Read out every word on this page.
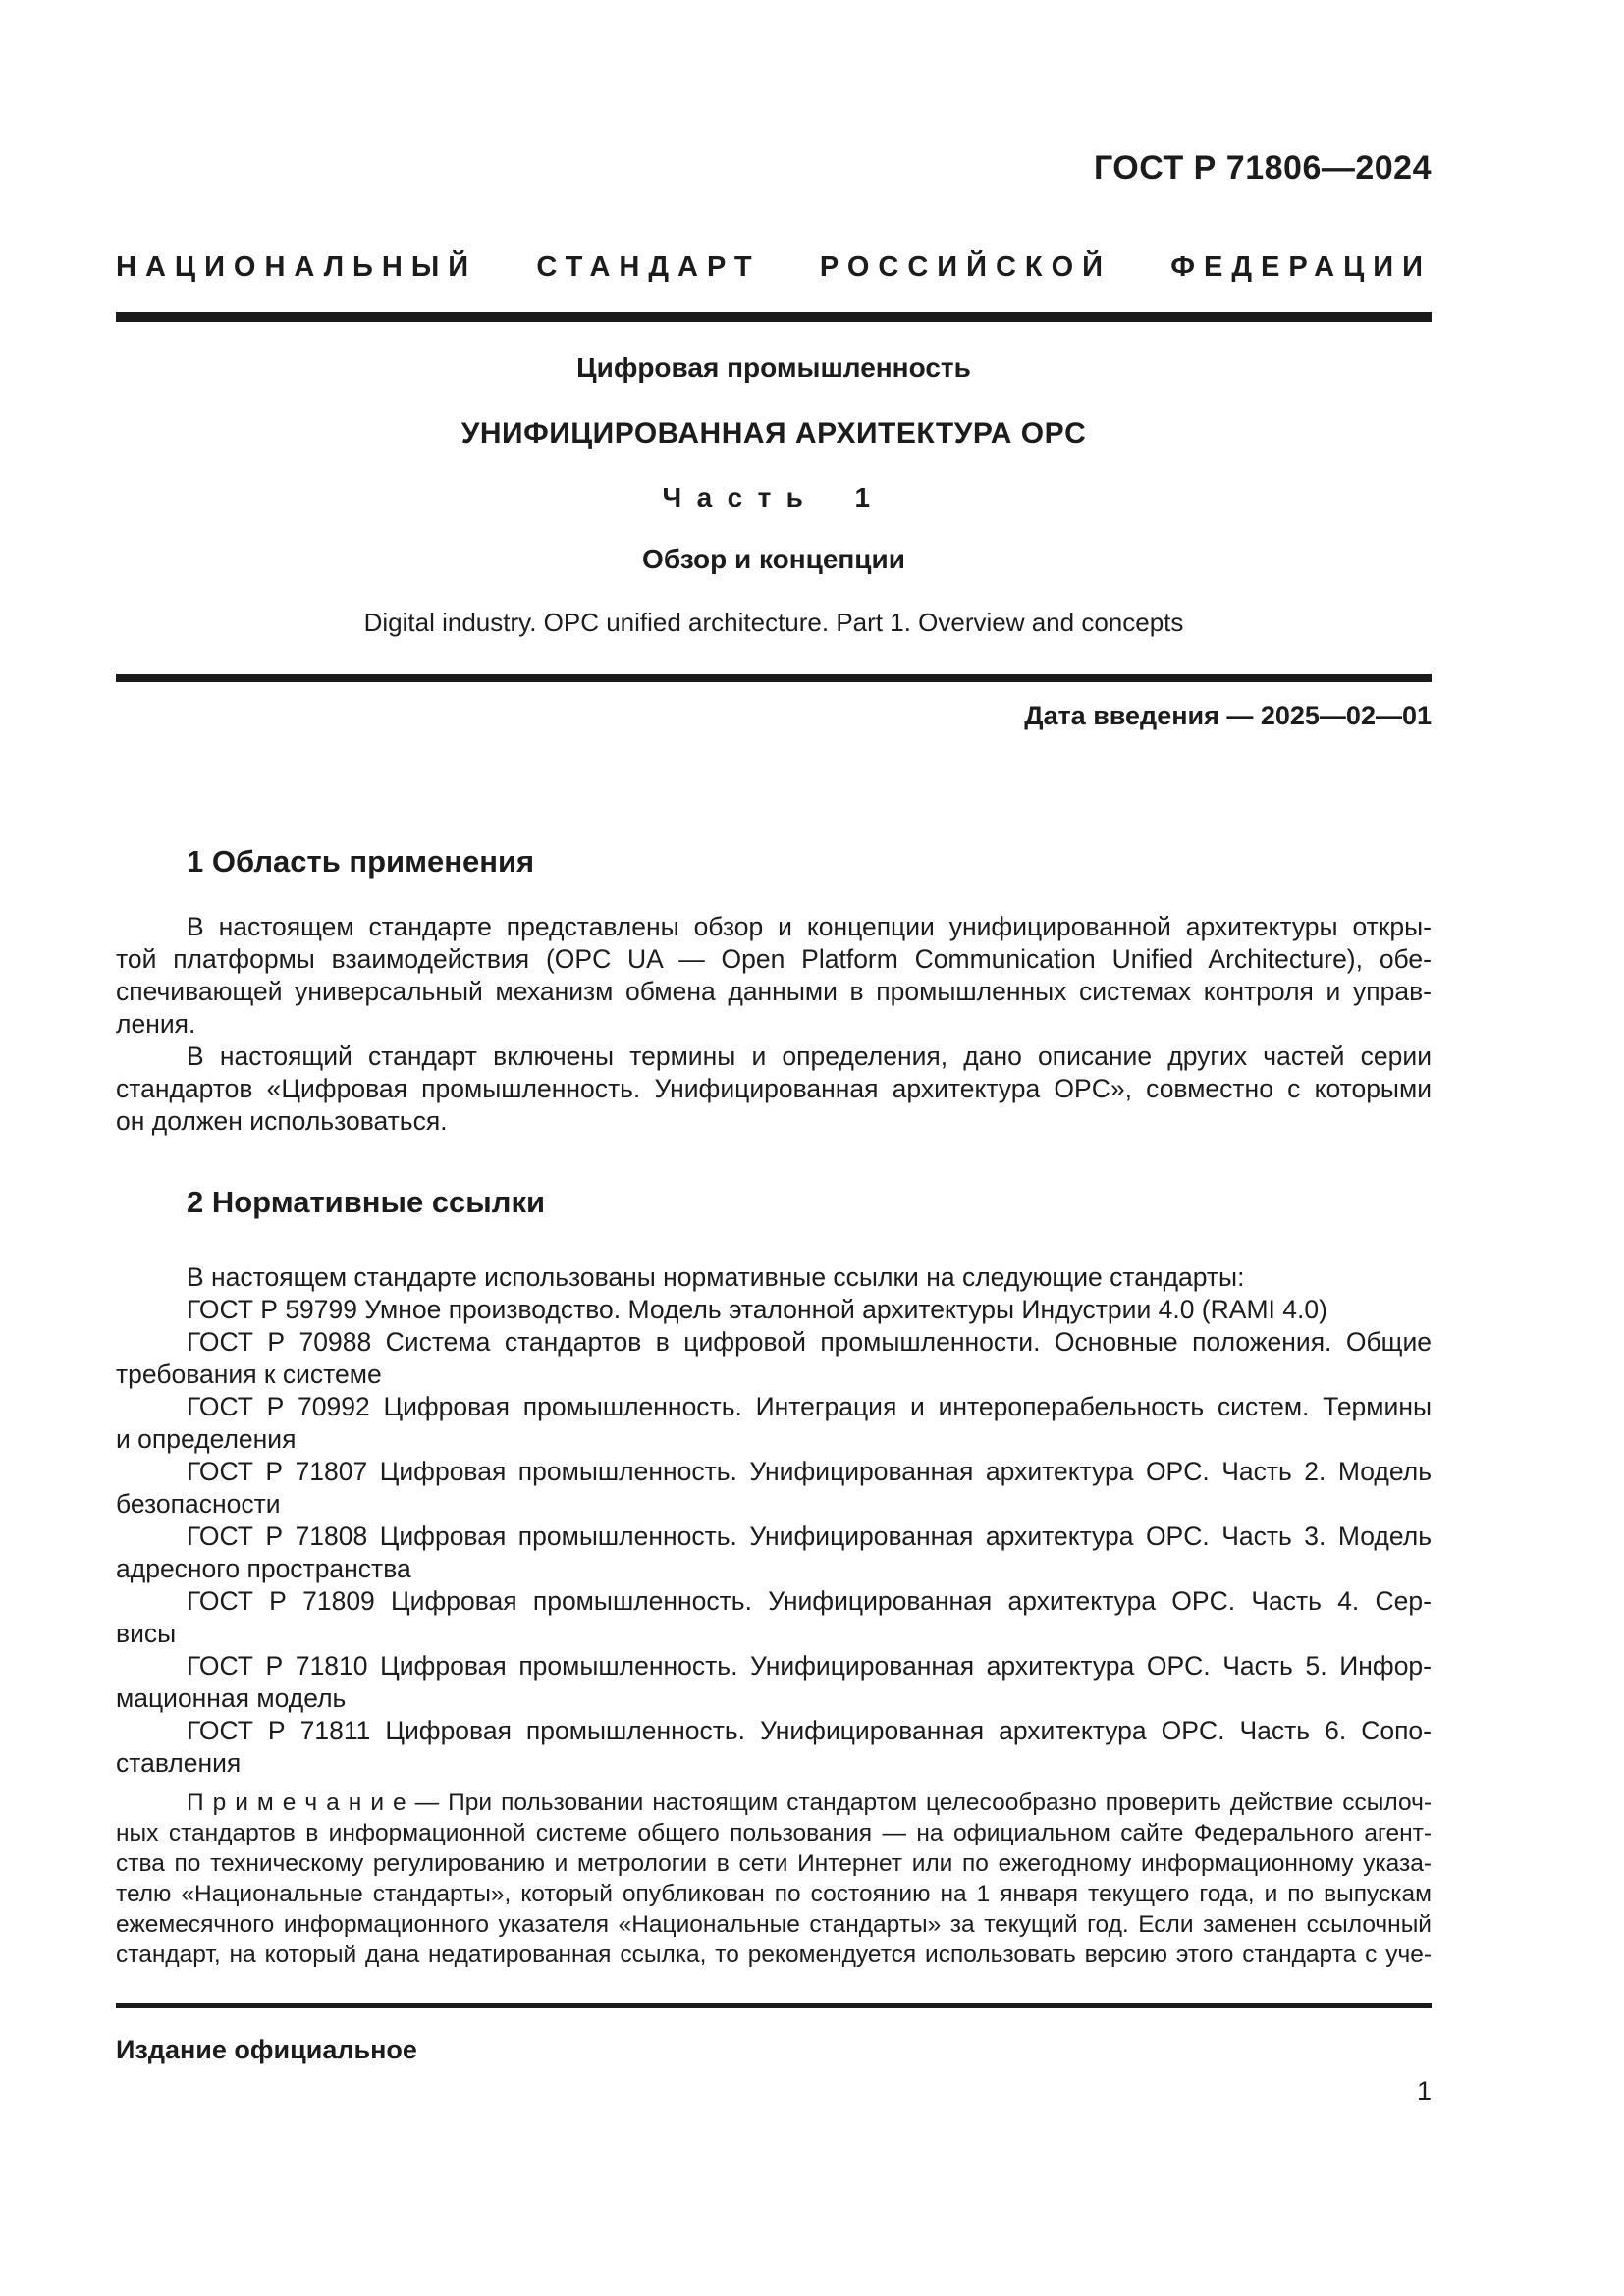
ГОСТ Р 71806—2024
НАЦИОНАЛЬНЫЙ СТАНДАРТ РОССИЙСКОЙ ФЕДЕРАЦИИ
Цифровая промышленность
УНИФИЦИРОВАННАЯ АРХИТЕКТУРА OPC
Часть 1
Обзор и концепции
Digital industry. OPC unified architecture. Part 1. Overview and concepts
Дата введения — 2025—02—01
1 Область применения
В настоящем стандарте представлены обзор и концепции унифицированной архитектуры откры-
той платформы взаимодействия (OPC UA — Open Platform Communication Unified Architecture), обе-
спечивающей универсальный механизм обмена данными в промышленных системах контроля и управ-
ления.
В настоящий стандарт включены термины и определения, дано описание других частей серии
стандартов «Цифровая промышленность. Унифицированная архитектура OPC», совместно с которыми
он должен использоваться.
2 Нормативные ссылки
В настоящем стандарте использованы нормативные ссылки на следующие стандарты:
ГОСТ Р 59799 Умное производство. Модель эталонной архитектуры Индустрии 4.0 (RAMI 4.0)
ГОСТ Р 70988 Система стандартов в цифровой промышленности. Основные положения. Общие
требования к системе
ГОСТ Р 70992 Цифровая промышленность. Интеграция и интероперабельность систем. Термины
и определения
ГОСТ Р 71807 Цифровая промышленность. Унифицированная архитектура OPC. Часть 2. Модель
безопасности
ГОСТ Р 71808 Цифровая промышленность. Унифицированная архитектура OPC. Часть 3. Модель
адресного пространства
ГОСТ Р 71809 Цифровая промышленность. Унифицированная архитектура OPC. Часть 4. Сер-
висы
ГОСТ Р 71810 Цифровая промышленность. Унифицированная архитектура OPC. Часть 5. Инфор-
мационная модель
ГОСТ Р 71811 Цифровая промышленность. Унифицированная архитектура OPC. Часть 6. Сопо-
ставления
П р и м е ч а н и е — При пользовании настоящим стандартом целесообразно проверить действие ссылоч-
ных стандартов в информационной системе общего пользования — на официальном сайте Федерального агент-
ства по техническому регулированию и метрологии в сети Интернет или по ежегодному информационному указа-
телю «Национальные стандарты», который опубликован по состоянию на 1 января текущего года, и по выпускам
ежемесячного информационного указателя «Национальные стандарты» за текущий год. Если заменен ссылочный
стандарт, на который дана недатированная ссылка, то рекомендуется использовать версию этого стандарта с уче-
Издание официальное
1
